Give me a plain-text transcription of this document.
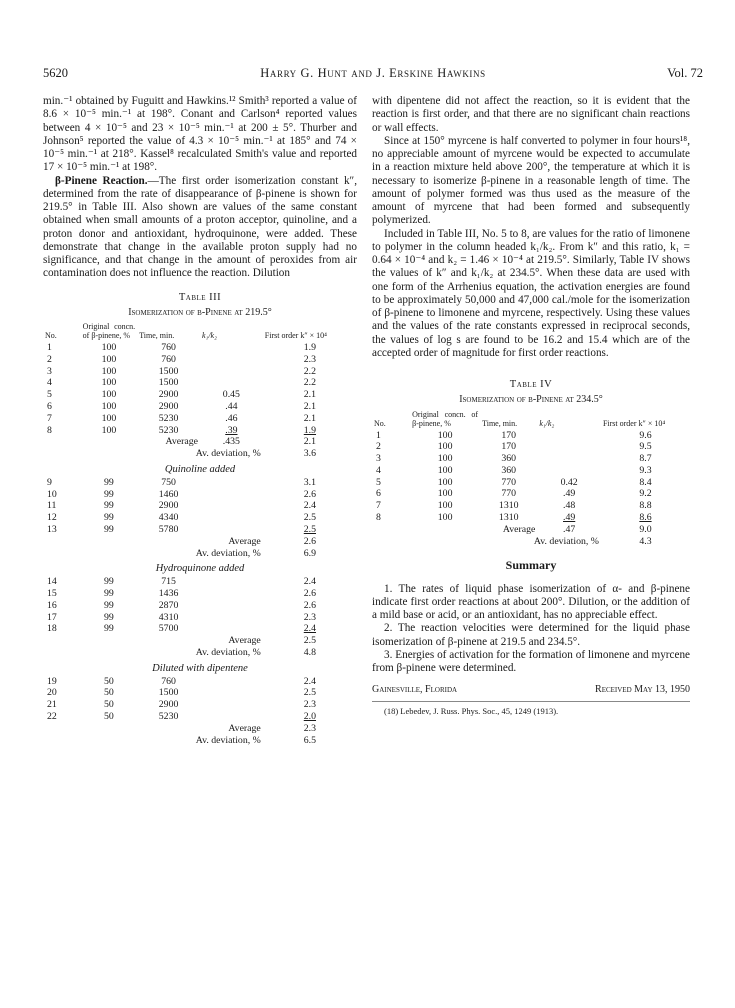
5620	Harry G. Hunt and J. Erskine Hawkins	Vol. 72

min.⁻¹ obtained by Fuguitt and Hawkins.¹² Smith³ reported a value of 8.6 × 10⁻⁵ min.⁻¹ at 198°. Conant and Carlson⁴ reported values between 4 × 10⁻⁵ and 23 × 10⁻⁵ min.⁻¹ at 200 ± 5°. Thurber and Johnson⁵ reported the value of 4.3 × 10⁻⁵ min.⁻¹ at 185° and 74 × 10⁻⁵ min.⁻¹ at 218°. Kassel⁸ recalculated Smith's value and reported 17 × 10⁻⁵ min.⁻¹ at 198°.

β-Pinene Reaction.—The first order isomerization constant k″, determined from the rate of disappearance of β-pinene is shown for 219.5° in Table III. Also shown are values of the same constant obtained when small amounts of a proton acceptor, quinoline, and a proton donor and antioxidant, hydroquinone, were added. These demonstrate that change in the available proton supply had no significance, and that change in the amount of peroxides from air contamination does not influence the reaction. Dilution

Table III
Isomerization of β-Pinene at 219.5°
No.	Original concn. of β-pinene, %	Time, min.	k₁/k₂	First order k″ × 10⁴
1	100	760		1.9
2	100	760		2.3
3	100	1500		2.2
4	100	1500		2.2
5	100	2900	0.45	2.1
6	100	2900	.44	2.1
7	100	5230	.46	2.1
8	100	5230	.39	1.9
Average			.435	2.1
Av. deviation, %				3.6
Quinoline added				
9	99	750		3.1
10	99	1460		2.6
11	99	2900		2.4
12	99	4340		2.5
13	99	5780		2.5
Average				2.6
Av. deviation, %				6.9
Hydroquinone added				
14	99	715		2.4
15	99	1436		2.6
16	99	2870		2.6
17	99	4310		2.3
18	99	5700		2.4
Average				2.5
Av. deviation, %				4.8
Diluted with dipentene				
19	50	760		2.4
20	50	1500		2.5
21	50	2900		2.3
22	50	5230		2.0
Average				2.3
Av. deviation, %				6.5

with dipentene did not affect the reaction, so it is evident that the reaction is first order, and that there are no significant chain reactions or wall effects.

Since at 150° myrcene is half converted to polymer in four hours¹⁸, no appreciable amount of myrcene would be expected to accumulate in a reaction mixture held above 200°, the temperature at which it is necessary to isomerize β-pinene in a reasonable length of time. The amount of polymer formed was thus used as the measure of the amount of myrcene that had been formed and subsequently polymerized.

Included in Table III, No. 5 to 8, are values for the ratio of limonene to polymer in the column headed k₁/k₂. From k″ and this ratio, k₁ = 0.64 × 10⁻⁴ and k₂ = 1.46 × 10⁻⁴ at 219.5°. Similarly, Table IV shows the values of k″ and k₁/k₂ at 234.5°. When these data are used with one form of the Arrhenius equation, the activation energies are found to be approximately 50,000 and 47,000 cal./mole for the isomerization of β-pinene to limonene and myrcene, respectively. Using these values and the values of the rate constants expressed in reciprocal seconds, the values of log s are found to be 16.2 and 15.4 which are of the accepted order of magnitude for first order reactions.

Table IV
Isomerization of β-Pinene at 234.5°
No.	Original concn. of β-pinene, %	Time, min.	k₁/k₂	First order k″ × 10⁴
1	100	170		9.6
2	100	170		9.5
3	100	360		8.7
4	100	360		9.3
5	100	770	0.42	8.4
6	100	770	.49	9.2
7	100	1310	.48	8.8
8	100	1310	.49	8.6
Average			.47	9.0
Av. deviation, %				4.3
Summary

1. The rates of liquid phase isomerization of α- and β-pinene indicate first order reactions at about 200°. Dilution, or the addition of a mild base or acid, or an antioxidant, has no appreciable effect.

2. The reaction velocities were determined for the liquid phase isomerization of β-pinene at 219.5 and 234.5°.

3. Energies of activation for the formation of limonene and myrcene from β-pinene were determined.

Gainesville, Florida	Received May 13, 1950
(18) Lebedev, J. Russ. Phys. Soc., 45, 1249 (1913).
